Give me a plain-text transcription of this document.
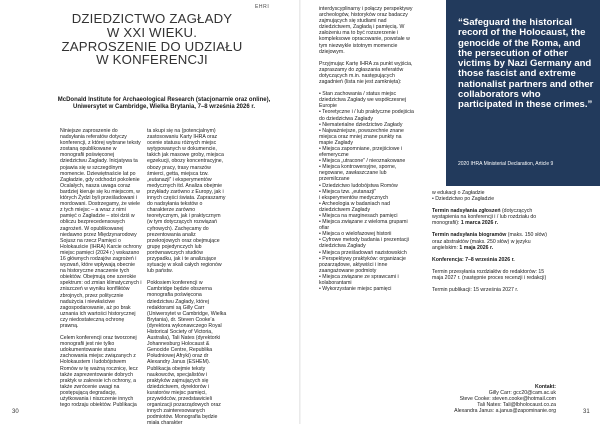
EHRI
DZIEDZICTWO ZAGŁADY
W XXI WIEKU.
ZAPROSZENIE DO UDZIAŁU
W KONFERENCJI
McDonald Institute for Archaeological Research (stacjonarnie oraz online),
Uniwersytet w Cambridge, Wielka Brytania, 7–8 września 2026 r.

Niniejsze zaproszenie do nadsyłania referatów dotyczy konferencji, z której wybrane teksty zostaną opublikowane w monografii poświęconej dziedzictwu Zagłady. Inicjatywa ta pojawia się w szczególnym momencie. Dziewiętnaście lat po Zagładzie, gdy odchodzi pokolenie Ocalałych, nasza uwaga coraz bardziej kieruje się ku miejscom, w których Żydzi byli prześladowani i mordowani. Dostrzegamy, że wiele z tych miejsc – a wraz z nimi pamięć o Zagładzie – stoi dziś w obliczu bezprecedensowych zagrożeń. W opublikowanej niedawno przez Międzynarodowy Sojusz na rzecz Pamięci o Holokauście (IHRA) Karcie ochrony miejsc pamięci (2024 r.) wskazano 16 głównych rodzajów zagrożeń i wyzwań, które wpływają obecnie na historyczne znaczenie tych obiektów. Obejmują one szerokie spektrum: od zmian klimatycznych i zniszczeń w wyniku konfliktów zbrojnych, przez politycznie nadużycia i niewłaściwe zagospodarowanie, aż po brak uznania ich wartości historycznej czy niedostateczną ochronę prawną.

Celem konferencji oraz tworzonej monografii jest nie tylko udokumentowanie stanu zachowania miejsc związanych z Holokaustem i ludobójstwem Romów w tę ważną rocznicę, lecz także zaprezentowanie dobrych praktyk w zakresie ich ochrony, a także zwrócenie uwagi na postępującą degradację, użytkowania i niszczenie innych tego rodzaju obiektów. Publikacja

ta skupi się na (potencjalnym) zastosowaniu Karty IHRA oraz ocenie statusu różnych miejsc wytypowanych w dokumencie, takich jak masowe groby, miejsca egzekucji, obozy koncentracyjne, obozy pracy, trasy marszów śmierci, getta, miejsca tzw. „eutanazji” i eksperymentów medycznych itd. Analiza obejmie przykłady zarówno z Europy, jak i innych części świata. Zapraszamy do nadsyłania tekstów o charakterze zarówno teoretycznym, jak i praktycznym (w tym dotyczących rozwiązań cyfrowych). Zachęcamy do prezentowania analiz przekrojowych oraz obejmujące grupę pojedynczych lub porównawczych studiów przypadku, jak i te analizujące sytuację w skali całych regionów lub państw.

Pokłosiem konferencji w Cambridge będzie obszerna monografia poświęcona dziedzictwu Zagłady, której redaktorami są Gilly Carr (Uniwersytet w Cambridge, Wielka Brytania), dr. Steven Cooke’a (dyrektora wykonawczego Royal Historical Society of Victoria, Australia), Tali Nates (dyrektorki Johannesburg Holocaust & Genocide Centre, Republika Południowej Afryki) oraz dr Alexandry Janus (ESHEM). Publikacja obejmie teksty naukowców, specjalistów i praktyków zajmujących się dziedzictwem, dyrektorów i kuratorów miejsc pamięci, przywódców, przedstawicieli organizacji pozarządowych oraz innych zainteresowanych podmiotów. Monografia będzie miała charakter

interdyscyplinarny i połączy perspektywy archeologów, historyków oraz badaczy zajmujących się studiami nad dziedzictwem, Zagładą i pamięcią. W założeniu ma to być rozszerzenie i kompleksowe opracowanie, powstałe w tym niezwykle istotnym momencie dziejowym.

Przyjmując Kartę IHRA za punkt wyjścia, zapraszamy do zgłaszania referatów dotyczących m.in. następujących zagadnień (lista nie jest zamknięta):

• Stan zachowania / status miejsc dziedzictwa Zagłady we współczesnej Europie
• Teoretyczne i / lub praktyczne podejścia do dziedzictwa Zagłady
• Niematerialne dziedzictwo Zagłady
• Najważniejsze, powszechnie znane miejsca oraz mniej znane punkty na mapie Zagłady
• Miejsca zapomniane, przejściowe i efemeryczne
• Miejsca „utracone” / nieoznakowane
• Miejsca kontrowersyjne, sporne, negowane, zawłaszczane lub przemilczane
• Dziedzictwo ludobójstwa Romów
• Miejsca tzw. „eutanazji”
i eksperymentów medycznych
• Archeologia w badaniach nad dziedzictwem Zagłady
• Miejsca na marginesach pamięci
• Miejsca związane z wieloma grupami ofiar
• Miejsca o wielofazowej historii
• Cyfrowe metody badania i prezentacji dziedzictwa Zagłady
• Miejsca prześladowań nazistowskich
• Perspektywy praktyków: organizacje pozarządowe, aktywiści i inne zaangażowane podmioty
• Miejsca związane ze sprawcami i kolaborantami
• Wykorzystanie miejsc pamięci
“Safeguard the historical record of the Holocaust, the genocide of the Roma, and the persecution of other victims by Nazi Germany and those fascist and extreme nationalist partners and other collaborators who participated in these crimes.”
2020 IHRA Ministerial Declaration, Article 9

w edukacji o Zagładzie
• Dziedzictwo po Zagładzie

Termin nadsyłania zgłoszeń (dotyczących wystąpienia na konferencji i / lub rozdziału do monografii): 1 marca 2026 r.

Termin nadsyłania biogramów (maks. 150 słów) oraz abstraktów (maks. 250 słów) w języku angielskim: 1 maja 2026 r.

Konferencja: 7–8 września 2026 r.

Termin przesyłania rozdziałów do redaktorów: 15 maja 2027 r. (następnie proces recenzji i redakcji)

Termin publikacji: 15 września 2027 r.

Kontakt:
Gilly Carr: gcc20@cam.ac.uk
Steve Cooke: steven.cooke@hotmail.com
Tali Nates: Tali@lbholocaust.co.za
Alexandra Janus: a.janus@zapominanie.org
30	31
